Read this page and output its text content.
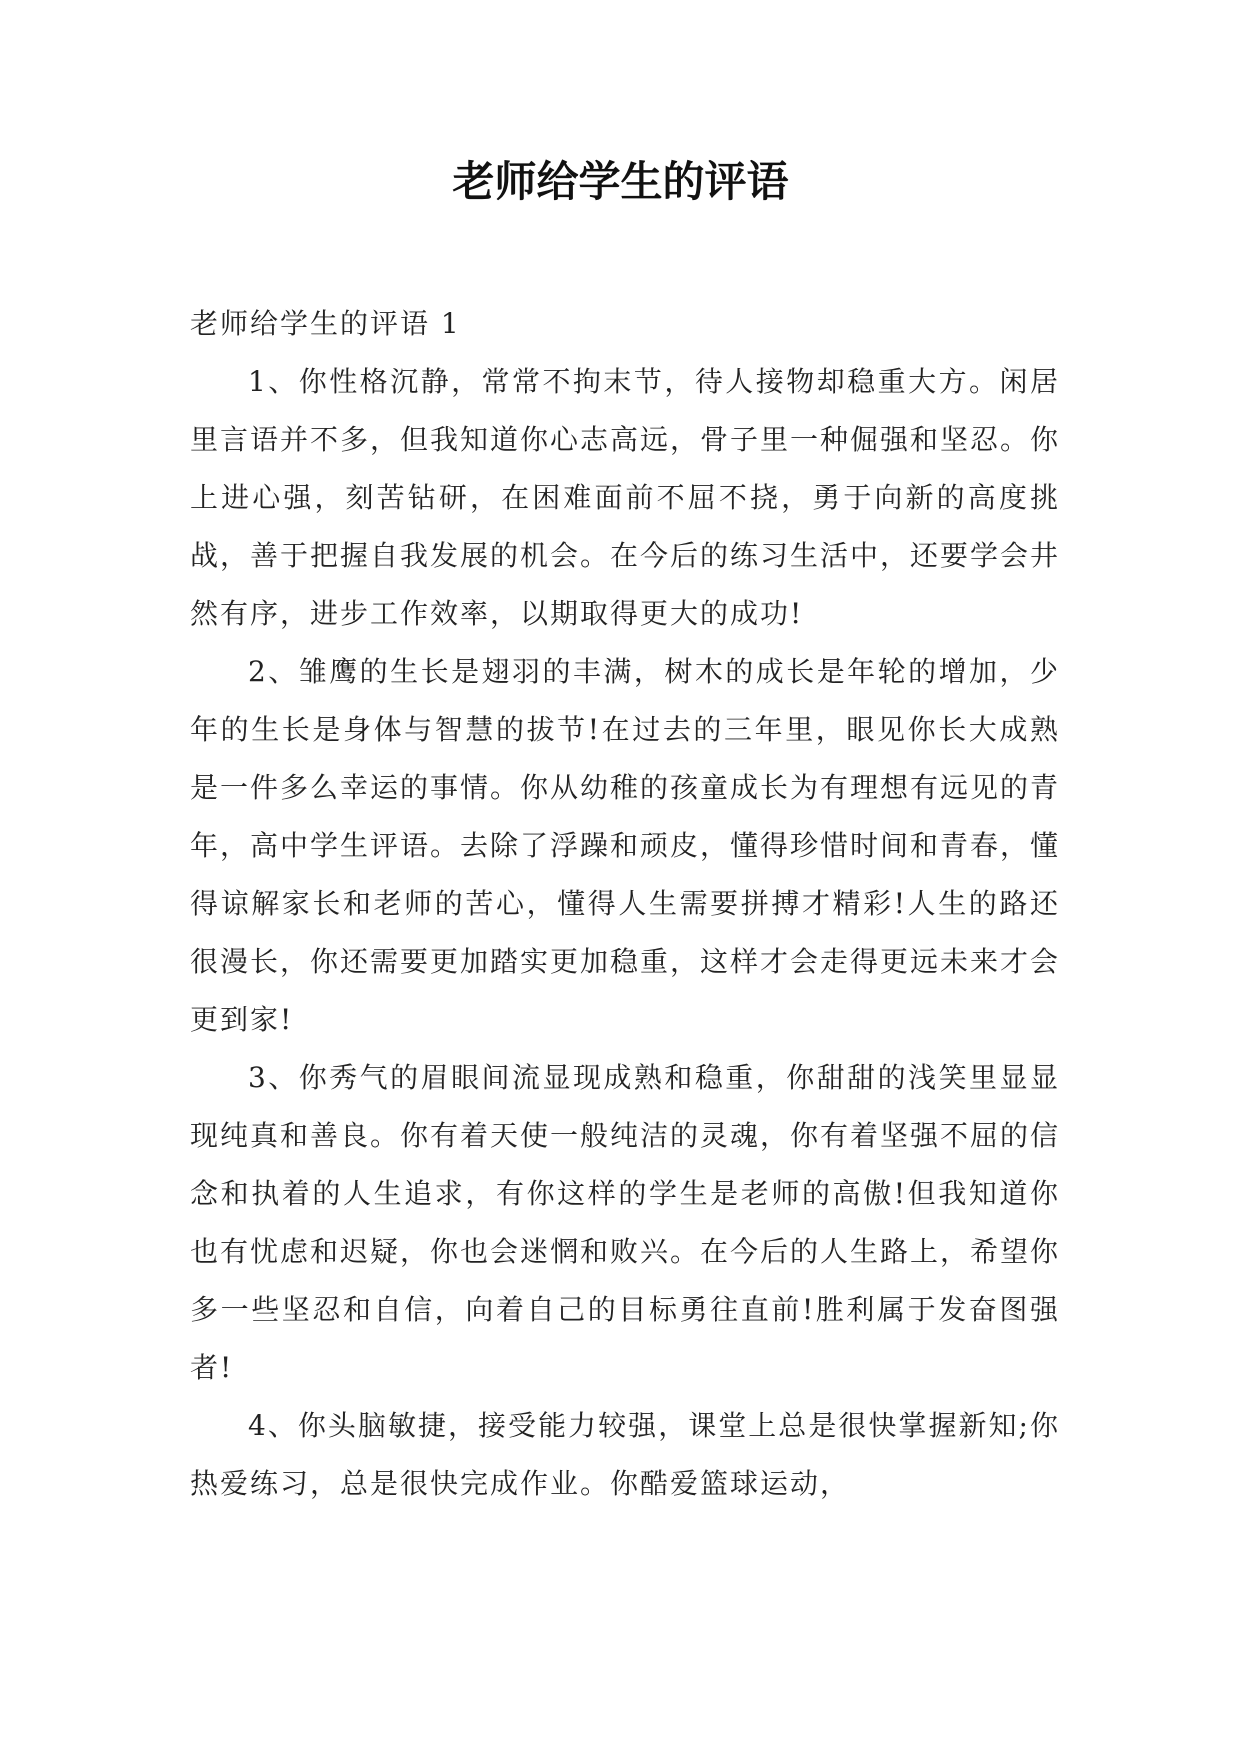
老师给学生的评语

老师给学生的评语 1

1、你性格沉静，常常不拘末节，待人接物却稳重大方。闲居里言语并不多，但我知道你心志高远，骨子里一种倔强和坚忍。你上进心强，刻苦钻研，在困难面前不屈不挠，勇于向新的高度挑战，善于把握自我发展的机会。在今后的练习生活中，还要学会井然有序，进步工作效率，以期取得更大的成功!

2、雏鹰的生长是翅羽的丰满，树木的成长是年轮的增加，少年的生长是身体与智慧的拔节!在过去的三年里，眼见你长大成熟是一件多么幸运的事情。你从幼稚的孩童成长为有理想有远见的青年，高中学生评语。去除了浮躁和顽皮，懂得珍惜时间和青春，懂得谅解家长和老师的苦心，懂得人生需要拼搏才精彩!人生的路还很漫长，你还需要更加踏实更加稳重，这样才会走得更远未来才会更到家!

3、你秀气的眉眼间流显现成熟和稳重，你甜甜的浅笑里显显现纯真和善良。你有着天使一般纯洁的灵魂，你有着坚强不屈的信念和执着的人生追求，有你这样的学生是老师的高傲!但我知道你也有忧虑和迟疑，你也会迷惘和败兴。在今后的人生路上，希望你多一些坚忍和自信，向着自己的目标勇往直前!胜利属于发奋图强者!

4、你头脑敏捷，接受能力较强，课堂上总是很快掌握新知;你热爱练习，总是很快完成作业。你酷爱篮球运动，
